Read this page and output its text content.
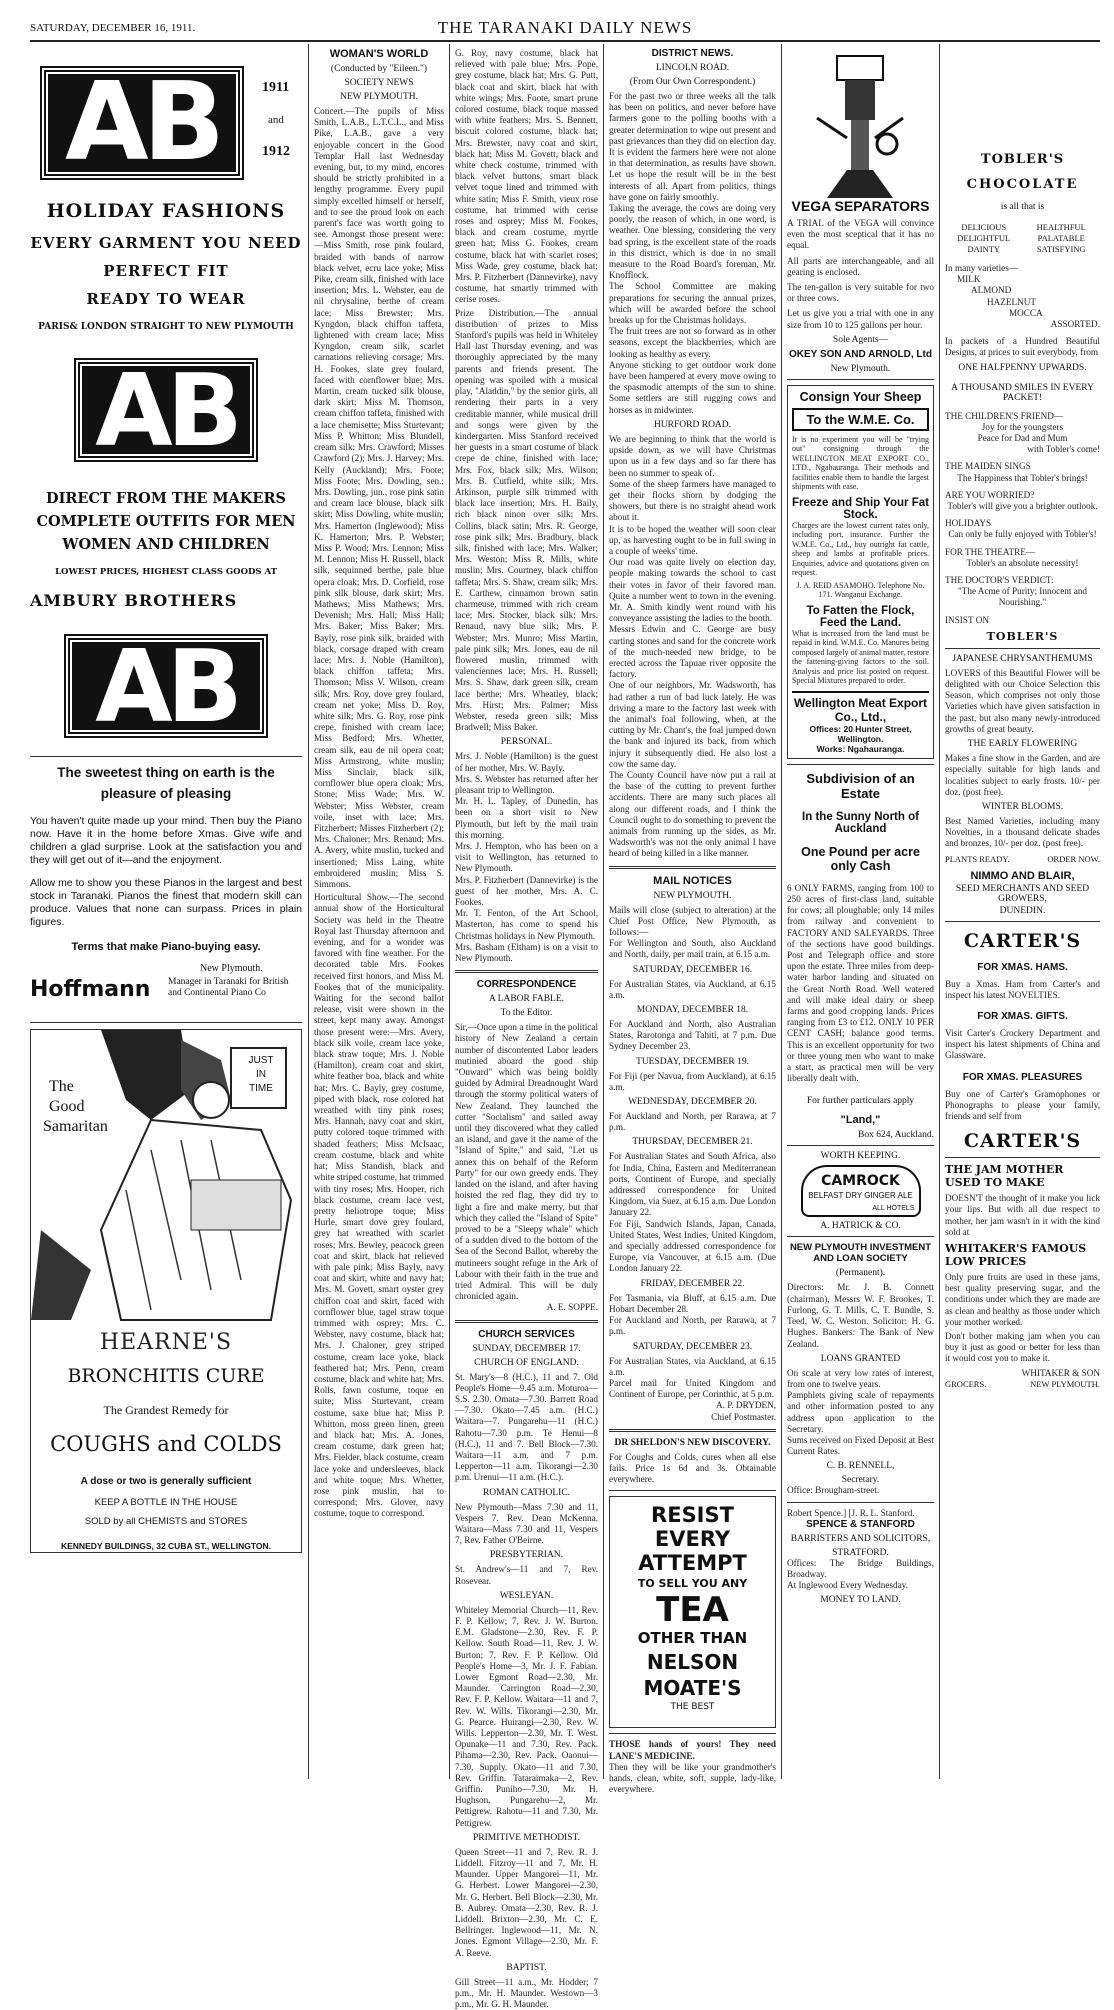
SATURDAY, DECEMBER 16, 1911.	THE TARANAKI DAILY NEWS
AB	1911
and
1912
HOLIDAY FASHIONS
EVERY GARMENT YOU NEED
PERFECT FIT
READY TO WEAR
PARIS& LONDON STRAIGHT TO NEW PLYMOUTH
AB
DIRECT FROM THE MAKERS
COMPLETE OUTFITS FOR MEN
WOMEN AND CHILDREN
LOWEST PRICES, HIGHEST CLASS GOODS AT
AMBURY BROTHERS
AB
The sweetest thing on earth is the
pleasure of pleasing
You haven't quite made up your mind. Then buy the Piano now. Have it in the home before Xmas. Give wife and children a glad surprise. Look at the satisfaction you and they will get out of it—and the enjoyment.
Allow me to show you these Pianos in the largest and best stock in Taranaki. Pianos the finest that modern skill can produce. Values that none can surpass. Prices in plain figures.
Terms that make Piano-buying easy.
Hoffmann
New Plymouth.
Manager in Taranaki for British and Continental Piano Co
The
Good
Samaritan
JUST
IN
TIME
HEARNE'S
BRONCHITIS CURE
The Grandest Remedy for
COUGHS and COLDS
A dose or two is generally sufficient
KEEP A BOTTLE IN THE HOUSE
SOLD by all CHEMISTS and STORES
KENNEDY BUILDINGS, 32 CUBA ST., WELLINGTON.
WOMAN'S WORLD
(Conducted by "Eileen.")
SOCIETY NEWS
NEW PLYMOUTH.
Concert.—The pupils of Miss Smith, L.A.B., L.T.C.L., and Miss Pike, L.A.B., gave a very enjoyable concert in the Good Templar Hall last Wednesday evening, but, to my mind, encores should be strictly prohibited in a lengthy programme. Every pupil simply excelled himself or herself, and to see the proud look on each parent's face was worth going to see. Amongst those present were:—Miss Smith, rose pink foulard, braided with bands of narrow black velvet, ecru lace yoke; Miss Pike, cream silk, finished with lace insertion; Mrs. L. Webster, eau de nil chrysaline, berthe of cream lace; Miss Brewster; Mrs. Kyngdon, black chiffon taffeta, lightened with cream lace; Miss Kyngdon, cream silk, scarlet carnations relieving corsage; Mrs. H. Fookes, slate grey foulard, faced with cornflower blue; Mrs. Martin, cream tucked silk blouse, dark skirt; Miss M. Thomson, cream chiffon taffeta, finished with a lace chemisette; Miss Sturtevant; Miss P. Whitton; Miss Blundell, cream silk; Mrs. Crawford; Misses Crawford (2); Mrs. J. Harvey; Mrs. Kelly (Auckland); Mrs. Foote; Miss Foote; Mrs. Dowling, sen.; Mrs. Dowling, jun., rose pink satin and cream lace blouse, black silk skirt; Miss Dowling, white muslin; Mrs. Hamerton (Inglewood); Miss K. Hamerton; Mrs. P. Webster; Miss P. Wood; Mrs. Lennon; Miss M. Lennon; Miss H. Russell, black silk, sequinned berthe, pale blue opera cloak; Mrs. D. Corfield, rose pink silk blouse, dark skirt; Mrs. Mathews; Miss Mathews; Mrs. Devenish; Mrs. Hall; Miss Hall; Mrs. Baker; Miss Baker; Mrs. Bayly, rose pink silk, braided with black, corsage draped with cream lace; Mrs. J. Noble (Hamilton), black chiffon taffeta; Mrs. Thomson; Miss V. Wilson, cream silk; Mrs. Roy, dove grey foulard, cream net yoke; Miss D. Roy, white silk; Mrs. G. Roy, rose pink crepe, finished with cream lace; Miss Bedford; Mrs. Whetter, cream silk, eau de nil opera coat; Miss Armstrong, white muslin; Miss Sinclair, black silk, cornflower blue opera cloak; Mrs. Stone; Miss Wade; Mrs. W. Webster; Miss Webster, cream voile, inset with lace; Mrs. Fitzherbert; Misses Fitzherbert (2); Mrs. Chaloner; Mrs. Renaud; Mrs. A. Avery, white muslin, tucked and insertioned; Miss Laing, white embroidered muslin; Miss S. Simmons.
Horticultural Show.—The second annual show of the Horticultural Society was held in the Theatre Royal last Thursday afternoon and evening, and for a wonder was favored with fine weather. For the decorated table Mrs. Fookes received first honors, and Miss M. Fookes that of the municipality. Waiting for the second ballot release, visit were shown in the street, kept many away. Amongst those present were:—Mrs. Avery, black silk voile, cream lace yoke, black straw toque; Mrs. J. Noble (Hamilton), cream coat and skirt, white feather boa, black and white hat; Mrs. C. Bayly, grey costume, piped with black, rose colored hat wreathed with tiny pink roses; Mrs. Hannah, navy coat and skirt, putty colored toque trimmed with shaded feathers; Miss McIsaac, cream costume, black and white hat; Miss Standish, black and white striped costume, hat trimmed with tiny roses; Mrs. Hooper, rich black costume, cream lace vest, pretty heliotrope toque; Miss Hurle, smart dove grey foulard, grey hat wreathed with scarlet roses; Mrs. Bewley, peacock green coat and skirt, black hat relieved with pale pink; Miss Bayly, navy coat and skirt, white and navy hat; Mrs. M. Govett, smart oyster grey chiffon coat and skirt, faced with cornflower blue, tagel straw toque trimmed with osprey; Mrs. C. Webster, navy costume, black hat; Mrs. J. Chaloner, grey striped costume, cream lace yoke, black feathered hat; Mrs. Penn, cream costume, black and white hat; Mrs. Rolls, fawn costume, toque en suite; Miss Sturtevant, cream costume, saxe blue hat; Miss P. Whitton, moss green linen, green and black hat; Mrs. A. Jones, cream costume, dark green hat; Mrs. Fielder, black costume, cream lace yoke and undersleeves, black and white toque; Mrs. Whetter, rose pink muslin, hat to correspond; Mrs. Glover, navy costume, toque to correspond.
G. Roy, navy costume, black hat relieved with pale blue; Mrs. Pope, grey costume, black hat; Mrs. G. Putt, black coat and skirt, black hat with white wings; Mrs. Foote, smart prune colored costume, black toque massed with white feathers; Mrs. S. Bennett, biscuit colored costume, black hat; Mrs. Brewster, navy coat and skirt, black hat; Miss M. Govett, black and white check costume, trimmed with black velvet buttons, smart black velvet toque lined and trimmed with white satin; Miss F. Smith, vieux rose costume, hat trimmed with cerise roses and osprey; Miss M. Fookes, black and cream costume, myrtle green hat; Miss G. Fookes, cream costume, black hat with scarlet roses; Miss Wade, grey costume, black hat; Mrs. P. Fitzherbert (Dannevirke), navy costume, hat smartly trimmed with cerise roses.
Prize Distribution.—The annual distribution of prizes to Miss Stanford's pupils was held in Whiteley Hall last Thursday evening, and was thoroughly appreciated by the many parents and friends present. The opening was spoiled with a musical play, "Aladdin," by the senior girls, all rendering their parts in a very creditable manner, while musical drill and songs were given by the kindergarten. Miss Stanford received her guests in a smart costume of black crepe de chine, finished with lace; Mrs. Fox, black silk; Mrs. Wilson; Mrs. B. Cutfield, white silk; Mrs. Atkinson, purple silk trimmed with black lace insertion; Mrs. H. Baily, rich black ninon over silk; Mrs. Collins, black satin; Mrs. R. George, rose pink silk; Mrs. Bradbury, black silk, finished with lace; Mrs. Walker; Mrs. Weston; Miss R. Mills, white muslin; Mrs. Courtney, black chiffon taffeta; Mrs. S. Shaw, cream silk; Mrs. E. Carthew, cinnamon brown satin charmeuse, trimmed with rich cream lace; Mrs. Stocker, black silk; Mrs. Renaud, navy blue silk; Mrs. P. Webster; Mrs. Munro; Miss Martin, pale pink silk; Mrs. Jones, eau de nil flowered muslin, trimmed with valenciennes lace; Mrs. H. Russell; Mrs. S. Shaw, dark green silk, cream lace berthe; Mrs. Wheatley, black; Mrs. Hirst; Mrs. Palmer; Miss Webster, reseda green silk; Miss Bradwell; Miss Baker.
PERSONAL.
Mrs. J. Noble (Hamilton) is the guest of her mother, Mrs. W. Bayly.
Mrs. S. Webster has returned after her pleasant trip to Wellington.
Mr. H. L. Tapley, of Dunedin, has been on a short visit to New Plymouth, but left by the mail train this morning.
Mrs. J. Hempton, who has been on a visit to Wellington, has returned to New Plymouth.
Mrs. P. Fitzherbert (Dannevirke) is the guest of her mother, Mrs. A. C. Fookes.
Mr. T. Fenton, of the Art School, Masterton, has come to spend his Christmas holidays in New Plymouth.
Mrs. Basham (Eltham) is on a visit to New Plymouth.
CORRESPONDENCE
A LABOR FABLE.
To the Editor.
Sir,—Once upon a time in the political history of New Zealand a certain number of discontented Labor leaders mutinied aboard the good ship "Onward" which was being boldly guided by Admiral Dreadnought Ward through the stormy political waters of New Zealand. They launched the cutter "Socialism" and sailed away until they discovered what they called an island, and gave it the name of the "Island of Spite," and said, "Let us annex this on behalf of the Reform Party" for our own greedy ends. They landed on the island, and after having hoisted the red flag, they did try to light a fire and make merry, but that which they called the "Island of Spite" proved to be a "Sleepy whale" which of a sudden dived to the bottom of the Sea of the Second Ballot, whereby the mutineers sought refuge in the Ark of Labour with their faith in the true and tried Admiral. This will be duly chronicled again.
A. E. SOPPE.
CHURCH SERVICES
SUNDAY, DECEMBER 17.
CHURCH OF ENGLAND.
St. Mary's—8 (H.C.), 11 and 7. Old People's Home—9.45 a.m. Moturoa—S.S. 2.30. Omata—7.30. Barrett Road—7.30. Okato—7.45 a.m. (H.C.) Waitara—7. Pungarehu—11 (H.C.) Rahotu—7.30 p.m. Te Henui—8 (H.C.), 11 and 7. Bell Block—7.30. Waitara—11 a.m. and 7 p.m. Lepperton—11 a.m. Tikorangi—2.30 p.m. Urenui—11 a.m. (H.C.).
ROMAN CATHOLIC.
New Plymouth—Mass 7.30 and 11, Vespers 7. Rev. Dean McKenna. Waitara—Mass 7.30 and 11, Vespers 7, Rev. Father O'Beirne.
PRESBYTERIAN.
St. Andrew's—11 and 7, Rev. Rosevear.
WESLEYAN.
Whiteley Memorial Church—11, Rev. F. P. Kellow; 7, Rev. J. W. Burton. E.M. Gladstone—2.30, Rev. F. P. Kellow. South Road—11, Rev. J. W. Burton; 7, Rev. F. P. Kellow. Old People's Home—3, Mr. J. F. Fabian. Lower Egmont Road—2.30, Mr. Maunder. Carrington Road—2.30, Rev. F. P. Kellow. Waitara—11 and 7, Rev. W. Wills. Tikorangi—2.30, Mr. G. Pearce. Huirangi—2.30, Rev. W. Wills. Lepperton—2.30, Mr. T. West. Opunake—11 and 7.30, Rev. Pack. Pihama—2.30, Rev. Pack. Oaonui—7.30, Supply. Okato—11 and 7.30, Rev. Griffin. Tataraimaka—2, Rev. Griffin. Puniho—7.30, Mr. H. Hughson. Pungarehu—2, Mr. Pettigrew. Rahotu—11 and 7.30, Mr. Pettigrew.
PRIMITIVE METHODIST.
Queen Street—11 and 7, Rev. R. J. Liddell. Fitzroy—11 and 7, Mr. H. Maunder. Upper Mangorei—11, Mr. G. Herbert. Lower Mangorei—2.30, Mr. G. Herbert. Bell Block—2.30, Mr. B. Aubrey. Omata—2.30, Rev. R. J. Liddell. Brixton—2.30, Mr. C. E. Bellringer. Inglewood—11, Mr. N. Jones. Egmont Village—2.30, Mr. F. A. Reeve.
BAPTIST.
Gill Street—11 a.m., Mr. Hodder; 7 p.m., Mr. H. Maunder. Westown—3 p.m., Mr. G. H. Maunder.
DISTRICT NEWS.
LINCOLN ROAD.
(From Our Own Correspondent.)
For the past two or three weeks all the talk has been on politics, and never before have farmers gone to the polling booths with a greater determination to wipe out present and past grievances than they did on election day. It is evident the farmers here were not alone in that determination, as results have shown. Let us hope the result will be in the best interests of all. Apart from politics, things have gone on fairly smoothly.
Taking the average, the cows are doing very poorly, the reason of which, in one word, is weather. One blessing, considering the very bad spring, is the excellent state of the roads in this district, which is due in no small measure to the Road Board's foreman, Mr. Knofflock.
The School Committee are making preparations for securing the annual prizes, which will be awarded before the school breaks up for the Christmas holidays.
The fruit trees are not so forward as in other seasons, except the blackberries, which are looking as healthy as every.
Anyone sticking to get outdoor work done have been hampered at every move owing to the spasmodic attempts of the sun to shine. Some settlers are still rugging cows and horses as in midwinter.
HURFORD ROAD.
We are beginning to think that the world is upside down, as we will have Christmas upon us in a few days and so far there has been no summer to speak of.
Some of the sheep farmers have managed to get their flocks shorn by dodging the showers, but there is no straight ahead work about it.
It is to be hoped the weather will soon clear up, as harvesting ought to be in full swing in a couple of weeks' time.
Our road was quite lively on election day, people making towards the school to cast their votes in favor of their favored man. Quite a number went to town in the evening. Mr. A. Smith kindly went round with his conveyance assisting the ladies to the booth.
Messrs Edwin and C. George are busy carting stones and sand for the concrete work of the much-needed new bridge, to be erected across the Tapuae river opposite the factory.
One of our neighbors, Mr. Wadsworth, has had rather a run of bad luck lately. He was driving a mare to the factory last week with the animal's foal following, when, at the cutting by Mr. Chant's, the foal jumped down the bank and injured its back, from which injury it subsequently died. He also lost a cow the same day.
The County Council have now put a rail at the base of the cutting to prevent further accidents. There are many such places all along our different roads, and I think the Council ought to do something to prevent the animals from running up the sides, as Mr. Wadsworth's was not the only animal I have heard of being killed in a like manner.
MAIL NOTICES
NEW PLYMOUTH.
Mails will close (subject to alteration) at the Chief Post Office, New Plymouth, as follows:—
For Wellington and South, also Auckland and North, daily, per mail train, at 6.15 a.m.
SATURDAY, DECEMBER 16.
For Australian States, via Auckland, at 6.15 a.m.
MONDAY, DECEMBER 18.
For Auckland and North, also Australian States, Rarotonga and Tahiti, at 7 p.m. Due Sydney December 23.
TUESDAY, DECEMBER 19.
For Fiji (per Navua, from Auckland), at 6.15 a.m.
WEDNESDAY, DECEMBER 20.
For Auckland and North, per Rarawa, at 7 p.m.
THURSDAY, DECEMBER 21.
For Australian States and South Africa, also for India, China, Eastern and Mediterranean ports, Continent of Europe, and specially addressed correspondence for United Kingdom, via Suez, at 6.15 a.m. Due London January 22.
For Fiji, Sandwich Islands, Japan, Canada, United States, West Indies, United Kingdom, and specially addressed correspondence for Europe, via Vancouver, at 6.15 a.m. (Due London January 22.
FRIDAY, DECEMBER 22.
For Tasmania, via Bluff, at 6.15 a.m. Due Hobart December 28.
For Auckland and North, per Rarawa, at 7 p.m.
SATURDAY, DECEMBER 23.
For Australian States, via Auckland, at 6.15 a.m.
Parcel mail for United Kingdom and Continent of Europe, per Corinthic, at 5 p.m.
A. P. DRYDEN,
Chief Postmaster.
DR SHELDON'S NEW DISCOVERY.
For Coughs and Colds, cures when all else fails. Price 1s 6d and 3s. Obtainable everywhere.
RESIST
EVERY
ATTEMPT
TO SELL YOU ANY
TEA
OTHER THAN
NELSON MOATE'S
THE BEST
THOSE hands of yours! They need LANE'S MEDICINE.
Then they will be like your grandmother's hands, clean, white, soft, supple, lady-like, everywhere.
VEGA SEPARATORS
A TRIAL of the VEGA will convince even the most sceptical that it has no equal.
All parts are interchangeable, and all gearing is enclosed.
The ten-gallon is very suitable for two or three cows.
Let us give you a trial with one in any size from 10 to 125 gallons per hour.
Sole Agents—
OKEY SON AND ARNOLD, Ltd
New Plymouth.
Consign Your Sheep
To the W.M.E. Co.
It is no experiment you will be "trying out" consigning through the WELLINGTON MEAT EXPORT CO., LTD., Ngahauranga. Their methods and facilities enable them to handle the largest shipments with ease.
Freeze and Ship Your Fat Stock.
Charges are the lowest current rates only, including port, insurance. Further the W.M.E. Co., Ltd., buy outright fat cattle, sheep and lambs at profitable prices. Enquiries, advice and quotations given on request.
J. A. REID ASAMOHO. Telephone No. 171. Wanganui Exchange.
To Fatten the Flock, Feed the Land.
What is increased from the land must be repaid in kind. W.M.E. Co. Manures being composed largely of animal matter, restore the fattening-giving factors to the soil. Analysis and price list posted on request. Special Mixtures prepared to order.
Wellington Meat Export Co., Ltd.,
Offices: 20 Hunter Street, Wellington.
Works: Ngahauranga.
Subdivision of an Estate
In the Sunny North of Auckland
One Pound per acre only Cash
6 ONLY FARMS, ranging from 100 to 250 acres of first-class land, suitable for cows; all ploughable; only 14 miles from railway and convenient to FACTORY AND SALEYARDS. Three of the sections have good buildings. Post and Telegraph office and store upon the estate. Three miles from deep-water harbor landing and situated on the Great North Road. Well watered and will make ideal dairy or sheep farms and good cropping lands. Prices ranging from £3 to £12. ONLY 10 PER CENT CASH; balance good terms. This is an excellent opportunity for two or three young men who want to make a start, as practical men will be very liberally dealt with.
For further particulars apply
"Land,"
Box 624, Auckland.
WORTH KEEPING.
CAMROCK
BELFAST DRY GINGER ALE
ALL HOTELS
A. HATRICK & CO.
NEW PLYMOUTH INVESTMENT AND LOAN SOCIETY
(Permanent).
Directors: Mr. J. B. Connett (chairman), Messrs W. F. Brookes, T. Furlong, G. T. Mills, C. T. Bundle, S. Teed, W. C. Weston. Solicitor: H. G. Hughes. Bankers: The Bank of New Zealand.
LOANS GRANTED
On scale at very low rates of interest, from one to twelve years.
Pamphlets giving scale of repayments and other information posted to any address upon application to the Secretary.
Sums received on Fixed Deposit at Best Current Rates.
C. B. RENNELL,
Secretary.
Office: Brougham-street.
Robert Spence.] [J. R. L. Stanford.
SPENCE & STANFORD
BARRISTERS AND SOLICITORS,
STRATFORD.
Offices: The Bridge Buildings, Broadway.
At Inglewood Every Wednesday.
MONEY TO LAND.
TOBLER'S
CHOCOLATE
is all that is
DELICIOUS	HEALTHFUL
DELIGHTFUL	PALATABLE
DAINTY	SATISFYING
In many varieties—
MILK
ALMOND
HAZELNUT
MOCCA
ASSORTED.
In packets of a Hundred Beautiful Designs, at prices to suit everybody, from
ONE HALFPENNY UPWARDS.
A THOUSAND SMILES IN EVERY PACKET!
THE CHILDREN'S FRIEND—
Joy for the youngsters
Peace for Dad and Mum
with Tobler's come!
THE MAIDEN SINGS
The Happiness that Tobler's brings!
ARE YOU WORRIED?
Tobler's will give you a brighter outlook.
HOLIDAYS
Can only be fully enjoyed with Tobler's!
FOR THE THEATRE—
Tobler's an absolute necessity!
THE DOCTOR'S VERDICT:
"The Acme of Purity; Innocent and Nourishing."
INSIST ON
TOBLER'S
JAPANESE CHRYSANTHEMUMS
LOVERS of this Beautiful Flower will be delighted with our Choice Selection this Season, which comprises not only those Varieties which have given satisfaction in the past, but also many newly-introduced growths of great beauty.
THE EARLY FLOWERING
Makes a fine show in the Garden, and are especially suitable for high lands and localities subject to early frosts. 10/- per doz. (post free).
WINTER BLOOMS.
Best Named Varieties, including many Novelties, in a thousand delicate shades and bronzes, 10/- per doz. (post free).
PLANTS READY.	ORDER NOW.
NIMMO AND BLAIR,
SEED MERCHANTS AND SEED GROWERS,
DUNEDIN.
CARTER'S
FOR XMAS. HAMS.
Buy a Xmas. Ham from Carter's and inspect his latest NOVELTIES.
FOR XMAS. GIFTS.
Visit Carter's Crockery Department and inspect his latest shipments of China and Glassware.
FOR XMAS. PLEASURES
Buy one of Carter's Gramophones or Phonographs to please your family, friends and self from
CARTER'S
THE JAM MOTHER USED TO MAKE
DOESN'T the thought of it make you lick your lips. But with all due respect to mother, her jam wasn't in it with the kind sold at
WHITAKER'S FAMOUS LOW PRICES
Only pure fruits are used in these jams, best quality preserving sugar, and the conditions under which they are made are as clean and healthy as those under which your mother worked.
Don't bother making jam when you can buy it just as good or better for less than it would cost you to make it.
WHITAKER & SON
GROCERS.	NEW PLYMOUTH.
